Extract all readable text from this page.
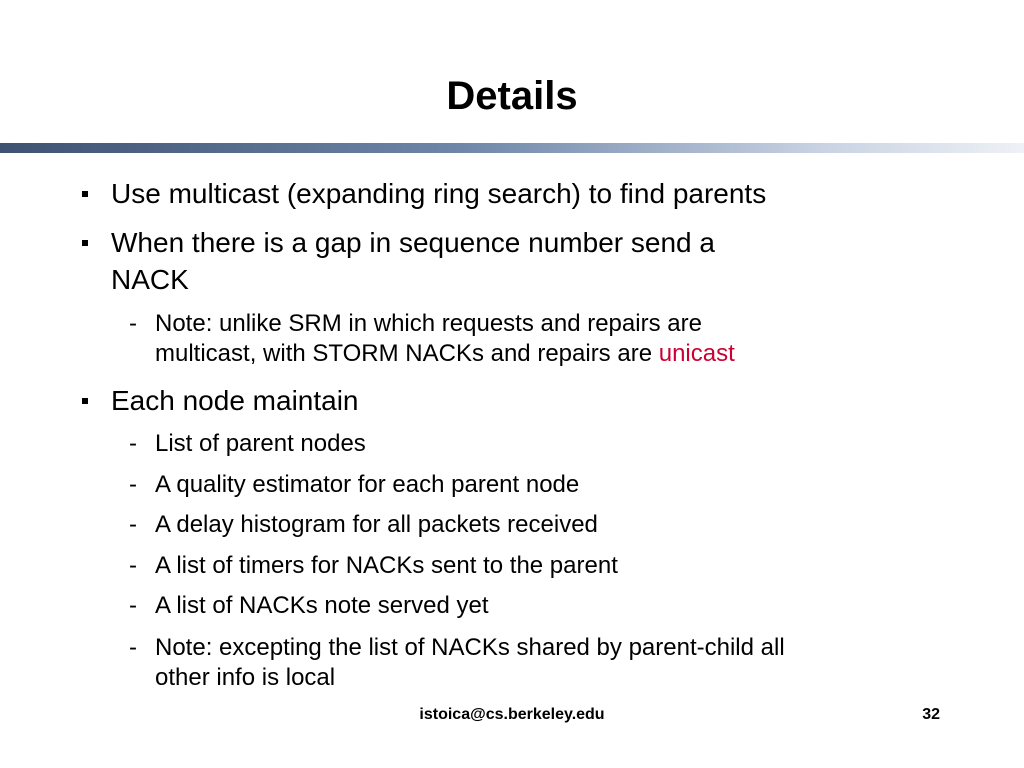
Details
Use multicast (expanding ring search) to find parents
When there is a gap in sequence number send a
NACK
- Note: unlike SRM in which requests and repairs are
multicast, with STORM NACKs and repairs are unicast
Each node maintain
- List of parent nodes
- A quality estimator for each parent node
- A delay histogram for all packets received
- A list of timers for NACKs sent to the parent
- A list of NACKs note served yet
- Note: excepting the list of NACKs shared by parent-child all
other info is local
istoica@cs.berkeley.edu	32
